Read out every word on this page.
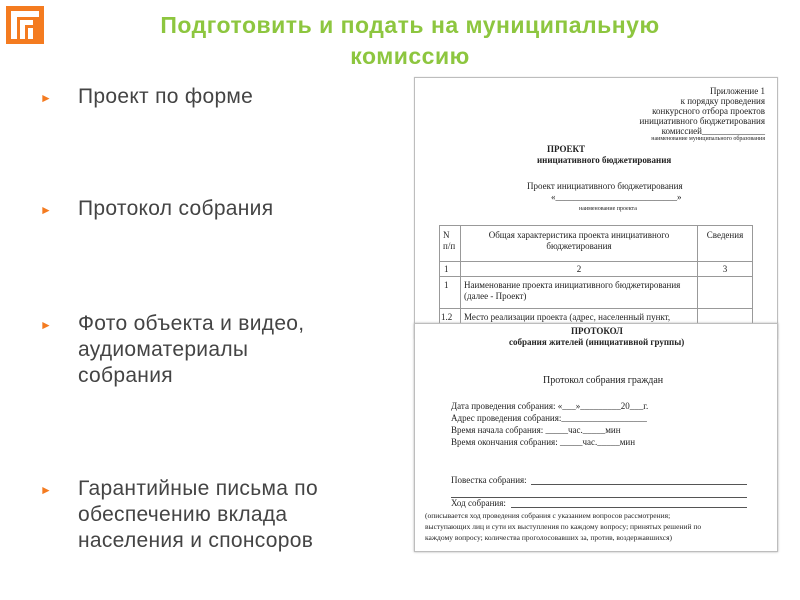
Подготовить и подать на муниципальную
комиссию
► Проект по форме
► Протокол собрания
► Фото объекта и видео,
аудиоматериалы
собрания
► Гарантийные письма по
обеспечению вклада
населения и спонсоров
Приложение 1
к порядку проведения
конкурсного отбора проектов
инициативного бюджетирования
комиссией______________
наименование муниципального образования
ПРОЕКТ
инициативного бюджетирования
Проект инициативного бюджетирования
«___________________________»
наименование проекта
N п/п
Общая характеристика проекта инициативного бюджетирования
Сведения
1	2	3
1 Наименование проекта инициативного бюджетирования
(далее - Проект)
1.2 Место реализации проекта (адрес, населенный пункт,
ПРОТОКОЛ
собрания жителей (инициативной группы)
Протокол собрания граждан
Дата проведения собрания: «___»_________20___г.
Адрес проведения собрания:___________________
Время начала собрания: _____час._____мин
Время окончания собрания: _____час._____мин
Повестка собрания:
Ход собрания:
(описывается ход проведения собрания с указанием вопросов рассмотрения;
выступающих лиц и сути их выступления по каждому вопросу; принятых решений по
каждому вопросу; количества проголосовавших за, против, воздержавшихся)
